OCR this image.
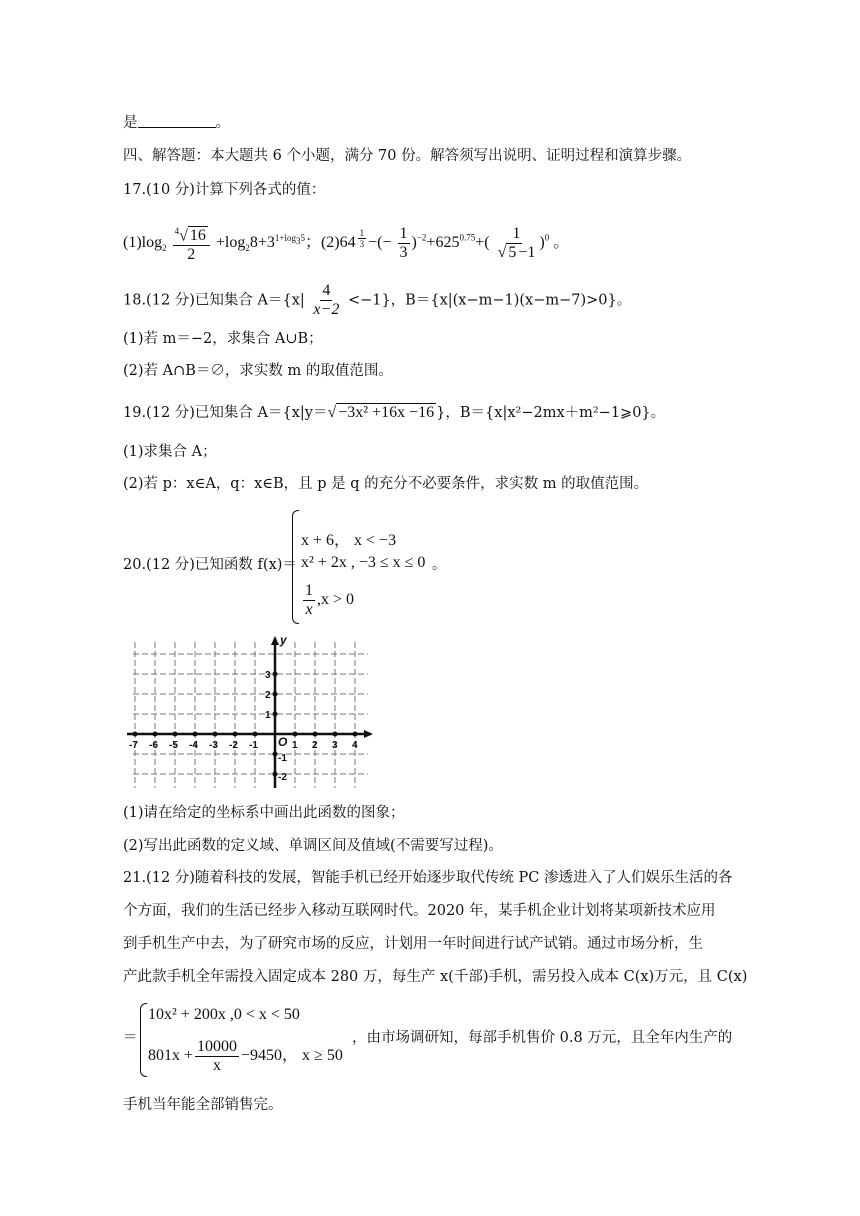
是	。
四、解答题：本大题共 6 个小题，满分 70 份。解答须写出说明、证明过程和演算步骤。
17.(10 分)计算下列各式的值：
$(1)\log_2 \frac{^4√ 16}{2} +\log_28+3^{1+log_35}$；(2)64 $^{\frac{1}{3}}$ −(− $\frac{1}{3} )^{-2}+625^{0.75}+( \frac{1}{√ 5 -1} )^0$ 。
18.(12 分)已知集合 $A=\{x| \frac{4}{x-2} <-1\}$，B＝{x|(x−m−1)(x−m−7)>0}。
(1)若 m＝−2，求集合 A∪B；
(2)若 A∩B＝∅，求实数 m 的取值范围。
19.(12 分)已知集合 A＝{x|y＝√ −3x² +16x −16 }，B＝{x|x²−2mx＋m²−1⩾0}。
(1)求集合 A；
(2)若 p：x∈A，q：x∈B，且 p 是 q 的充分不必要条件，求实数 m 的取值范围。
20.(12 分)已知函数 f(x)＝
x + 6， x < −3
x² + 2x , −3 ≤ x ≤ 0
$\frac{1}{x} ,x > 0$
。
-7 -6 -5 -4 -3 -2 -1	1 2 3 4
3
2
1
-1
-2
O
y
(1)请在给定的坐标系中画出此函数的图象；
(2)写出此函数的定义域、单调区间及值域(不需要写过程)。
21.(12 分)随着科技的发展，智能手机已经开始逐步取代传统 PC 渗透进入了人们娱乐生活的各
个方面，我们的生活已经步入移动互联网时代。2020 年，某手机企业计划将某项新技术应用
到手机生产中去，为了研究市场的反应，计划用一年时间进行试产试销。通过市场分析，生
产此款手机全年需投入固定成本 280 万，每生产 x(千部)手机，需另投入成本 C(x)万元，且 C(x)
＝
10x² + 200x ,0 < x < 50
$801x + \frac{10000}{x} -9450$， x ≥ 50
，由市场调研知，每部手机售价 0.8 万元，且全年内生产的
手机当年能全部销售完。
